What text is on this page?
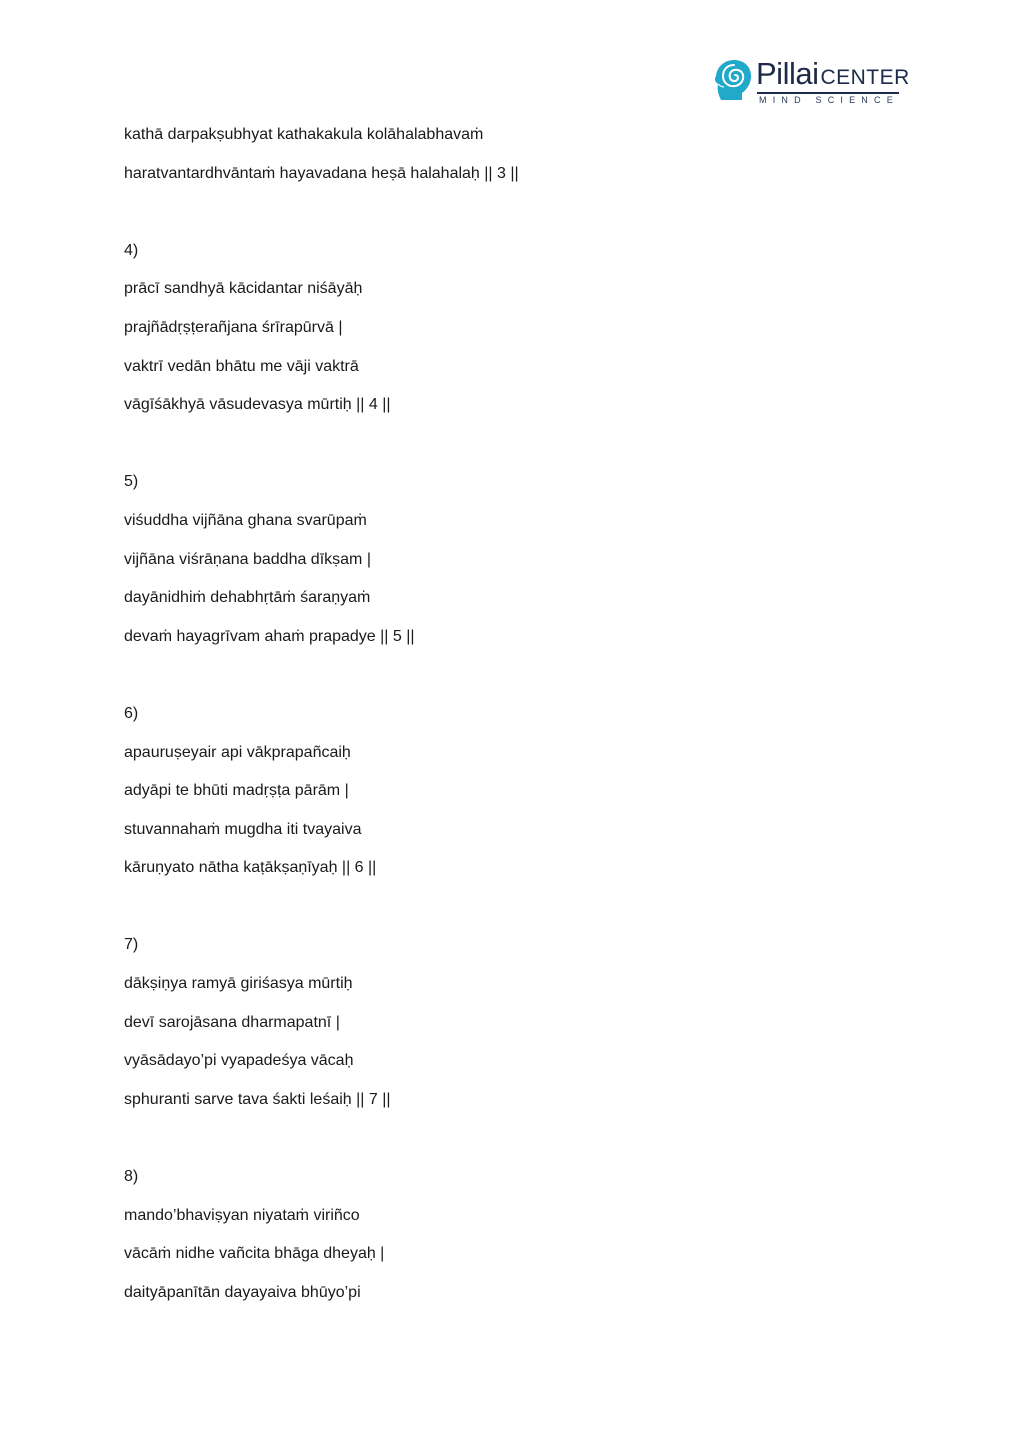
PillaiCENTER
MIND SCIENCE
kathā darpakṣubhyat kathakakula kolāhalabhavaṁ
haratvantardhvāntaṁ hayavadana heṣā halahalaḥ || 3 ||
4)
prācī sandhyā kācidantar niśāyāḥ
prajñādṛṣṭerañjana śrīrapūrvā |
vaktrī vedān bhātu me vāji vaktrā
vāgīśākhyā vāsudevasya mūrtiḥ || 4 ||
5)
viśuddha vijñāna ghana svarūpaṁ
vijñāna viśrāṇana baddha dīkṣam |
dayānidhiṁ dehabhṛtāṁ śaraṇyaṁ
devaṁ hayagrīvam ahaṁ prapadye || 5 ||
6)
apauruṣeyair api vākprapañcaiḥ
adyāpi te bhūti madṛṣṭa pārām |
stuvannahaṁ mugdha iti tvayaiva
kāruṇyato nātha kaṭākṣaṇīyaḥ || 6 ||
7)
dākṣiṇya ramyā giriśasya mūrtiḥ
devī sarojāsana dharmapatnī |
vyāsādayo’pi vyapadeśya vācaḥ
sphuranti sarve tava śakti leśaiḥ || 7 ||
8)
mando’bhaviṣyan niyataṁ viriñco
vācāṁ nidhe vañcita bhāga dheyaḥ |
daityāpanītān dayayaiva bhūyo’pi
